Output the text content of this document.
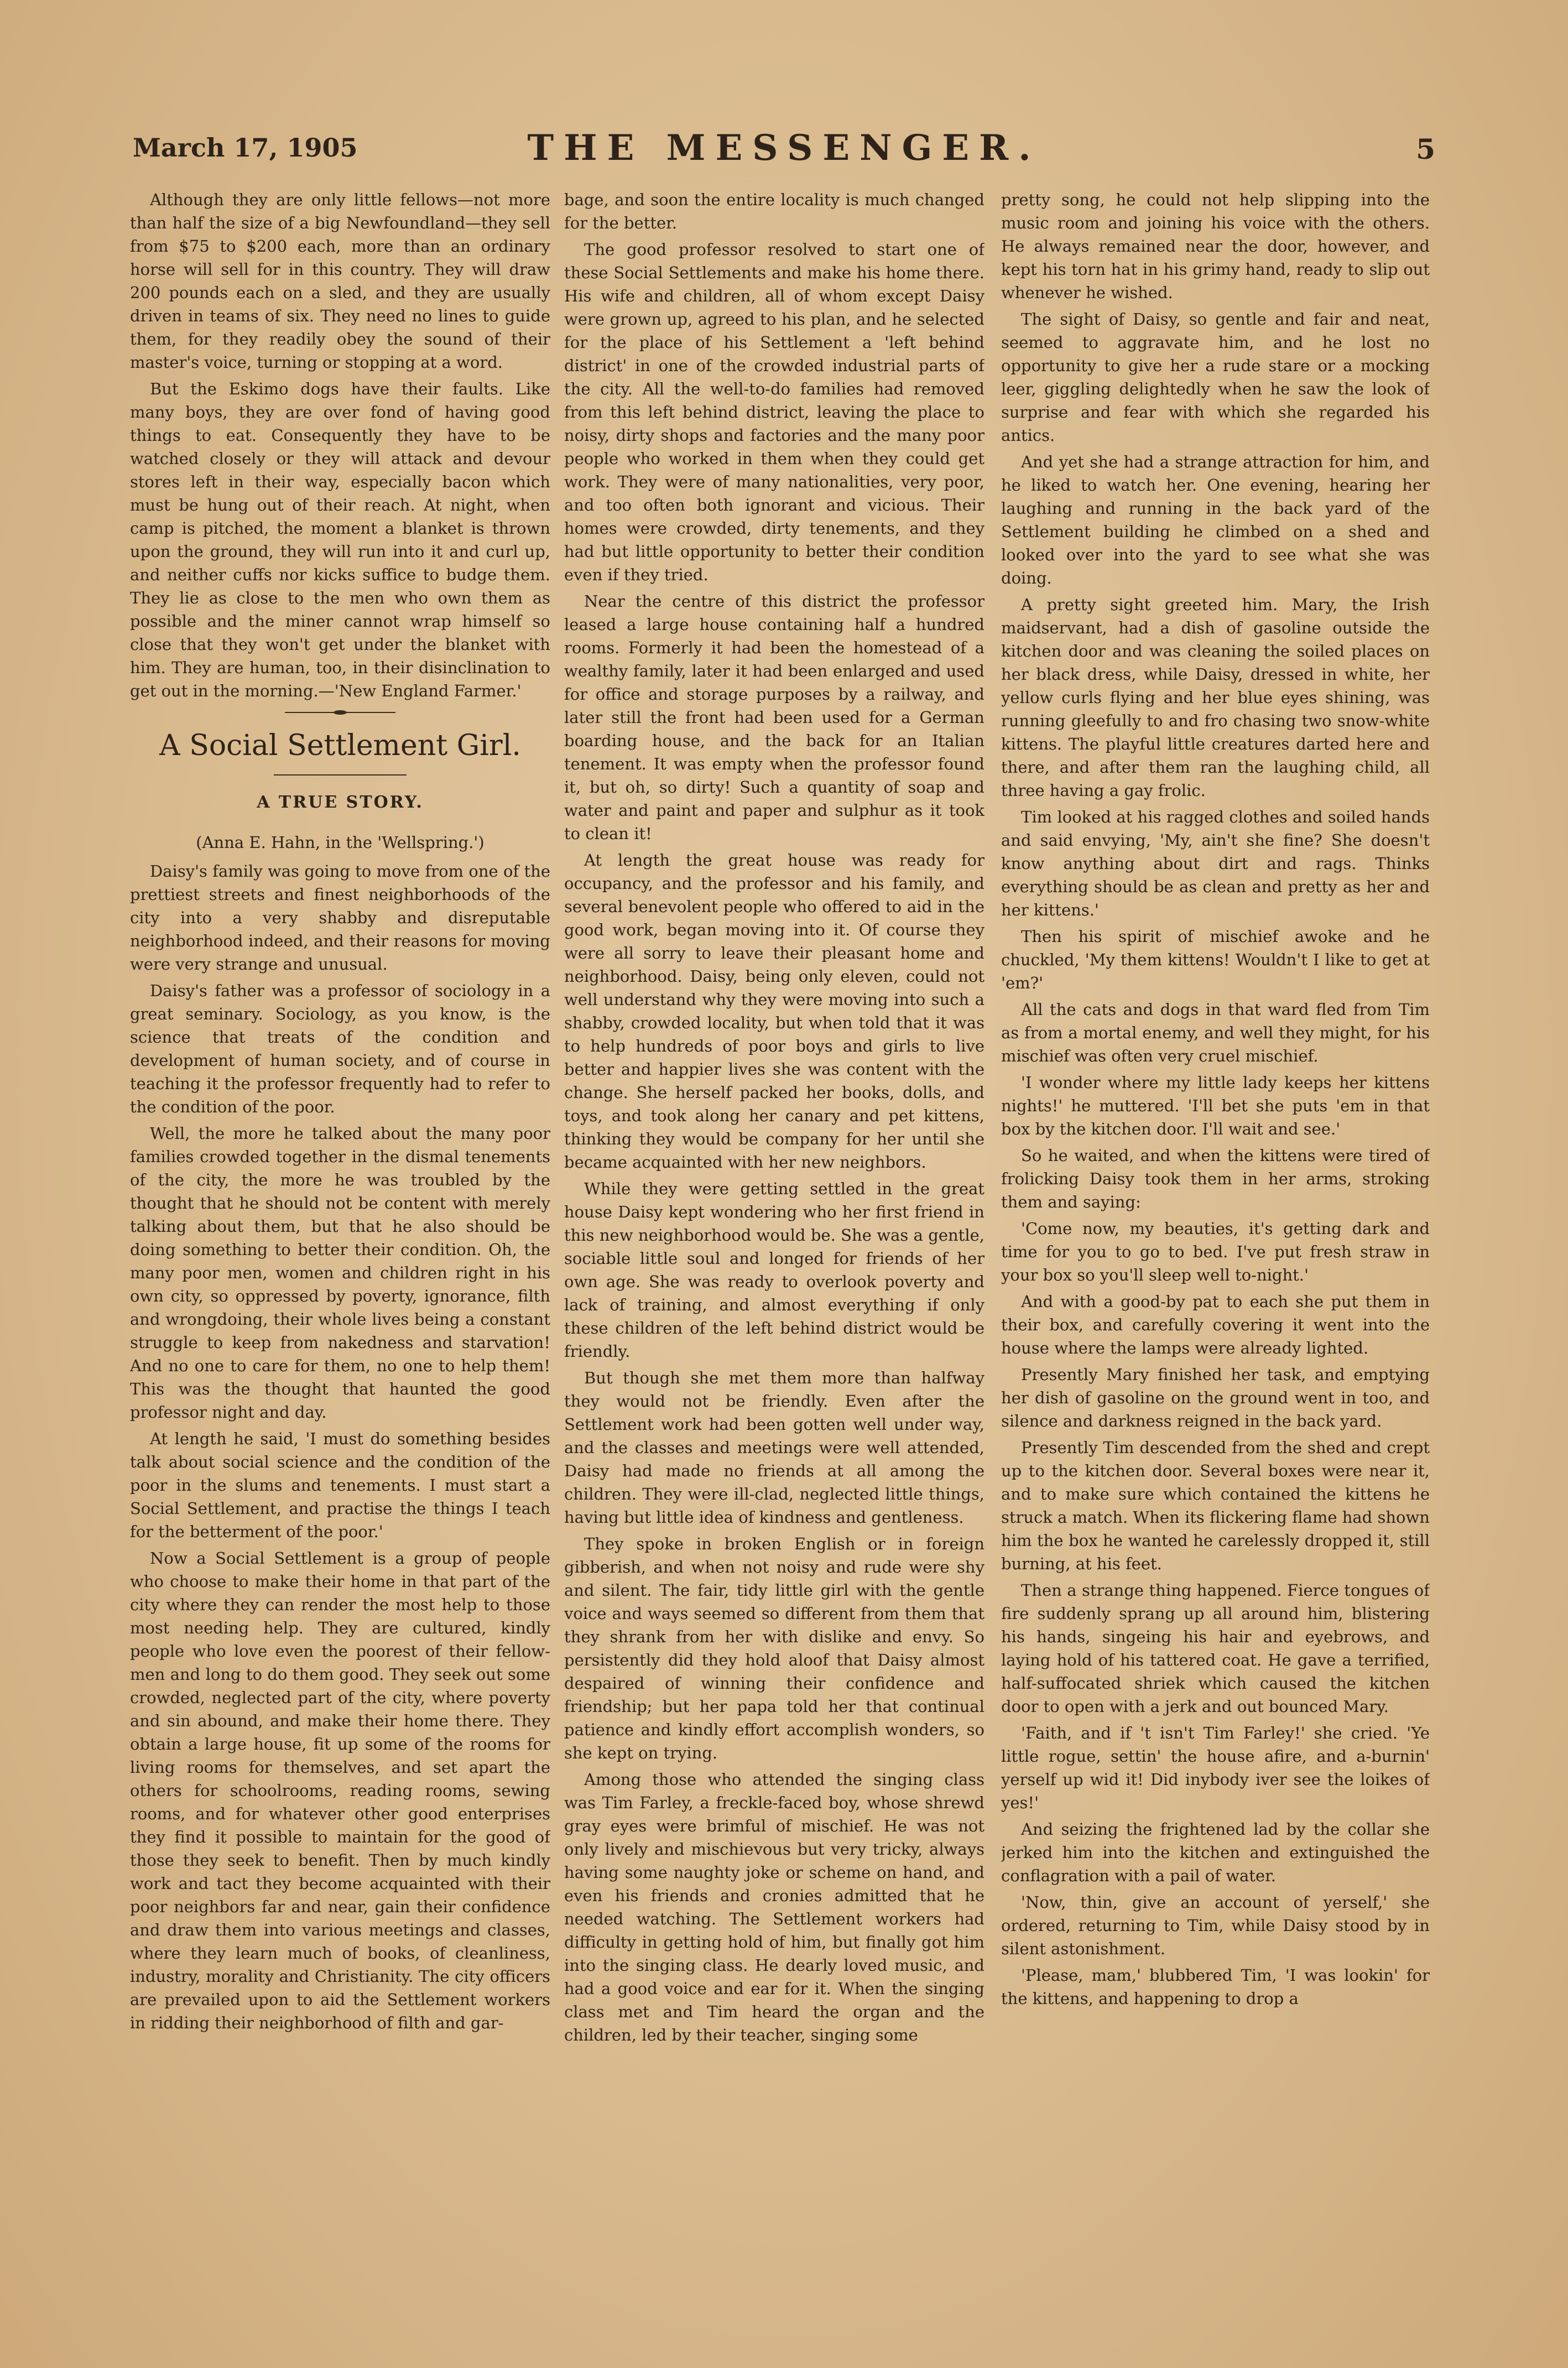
March 17, 1905	THE MESSENGER.	5

Although they are only little fellows—not more than half the size of a big Newfoundland—they sell from $75 to $200 each, more than an ordinary horse will sell for in this country. They will draw 200 pounds each on a sled, and they are usually driven in teams of six. They need no lines to guide them, for they readily obey the sound of their master's voice, turning or stopping at a word.

But the Eskimo dogs have their faults. Like many boys, they are over fond of having good things to eat. Consequently they have to be watched closely or they will attack and devour stores left in their way, especially bacon which must be hung out of their reach. At night, when camp is pitched, the moment a blanket is thrown upon the ground, they will run into it and curl up, and neither cuffs nor kicks suffice to budge them. They lie as close to the men who own them as possible and the miner cannot wrap himself so close that they won't get under the blanket with him. They are human, too, in their disinclination to get out in the morning.—'New England Farmer.'

A Social Settlement Girl.
A TRUE STORY.
(Anna E. Hahn, in the 'Wellspring.')

Daisy's family was going to move from one of the prettiest streets and finest neighborhoods of the city into a very shabby and disreputable neighborhood indeed, and their reasons for moving were very strange and unusual.

Daisy's father was a professor of sociology in a great seminary. Sociology, as you know, is the science that treats of the condition and development of human society, and of course in teaching it the professor frequently had to refer to the condition of the poor.

Well, the more he talked about the many poor families crowded together in the dismal tenements of the city, the more he was troubled by the thought that he should not be content with merely talking about them, but that he also should be doing something to better their condition. Oh, the many poor men, women and children right in his own city, so oppressed by poverty, ignorance, filth and wrongdoing, their whole lives being a constant struggle to keep from nakedness and starvation! And no one to care for them, no one to help them! This was the thought that haunted the good professor night and day.

At length he said, 'I must do something besides talk about social science and the condition of the poor in the slums and tenements. I must start a Social Settlement, and practise the things I teach for the betterment of the poor.'

Now a Social Settlement is a group of people who choose to make their home in that part of the city where they can render the most help to those most needing help. They are cultured, kindly people who love even the poorest of their fellow-men and long to do them good. They seek out some crowded, neglected part of the city, where poverty and sin abound, and make their home there. They obtain a large house, fit up some of the rooms for living rooms for themselves, and set apart the others for schoolrooms, reading rooms, sewing rooms, and for whatever other good enterprises they find it possible to maintain for the good of those they seek to benefit. Then by much kindly work and tact they become acquainted with their poor neighbors far and near, gain their confidence and draw them into various meetings and classes, where they learn much of books, of cleanliness, industry, morality and Christianity. The city officers are prevailed upon to aid the Settlement workers in ridding their neighborhood of filth and gar-

bage, and soon the entire locality is much changed for the better.

The good professor resolved to start one of these Social Settlements and make his home there. His wife and children, all of whom except Daisy were grown up, agreed to his plan, and he selected for the place of his Settlement a 'left behind district' in one of the crowded industrial parts of the city. All the well-to-do families had removed from this left behind district, leaving the place to noisy, dirty shops and factories and the many poor people who worked in them when they could get work. They were of many nationalities, very poor, and too often both ignorant and vicious. Their homes were crowded, dirty tenements, and they had but little opportunity to better their condition even if they tried.

Near the centre of this district the professor leased a large house containing half a hundred rooms. Formerly it had been the homestead of a wealthy family, later it had been enlarged and used for office and storage purposes by a railway, and later still the front had been used for a German boarding house, and the back for an Italian tenement. It was empty when the professor found it, but oh, so dirty! Such a quantity of soap and water and paint and paper and sulphur as it took to clean it!

At length the great house was ready for occupancy, and the professor and his family, and several benevolent people who offered to aid in the good work, began moving into it. Of course they were all sorry to leave their pleasant home and neighborhood. Daisy, being only eleven, could not well understand why they were moving into such a shabby, crowded locality, but when told that it was to help hundreds of poor boys and girls to live better and happier lives she was content with the change. She herself packed her books, dolls, and toys, and took along her canary and pet kittens, thinking they would be company for her until she became acquainted with her new neighbors.

While they were getting settled in the great house Daisy kept wondering who her first friend in this new neighborhood would be. She was a gentle, sociable little soul and longed for friends of her own age. She was ready to overlook poverty and lack of training, and almost everything if only these children of the left behind district would be friendly.

But though she met them more than halfway they would not be friendly. Even after the Settlement work had been gotten well under way, and the classes and meetings were well attended, Daisy had made no friends at all among the children. They were ill-clad, neglected little things, having but little idea of kindness and gentleness.

They spoke in broken English or in foreign gibberish, and when not noisy and rude were shy and silent. The fair, tidy little girl with the gentle voice and ways seemed so different from them that they shrank from her with dislike and envy. So persistently did they hold aloof that Daisy almost despaired of winning their confidence and friendship; but her papa told her that continual patience and kindly effort accomplish wonders, so she kept on trying.

Among those who attended the singing class was Tim Farley, a freckle-faced boy, whose shrewd gray eyes were brimful of mischief. He was not only lively and mischievous but very tricky, always having some naughty joke or scheme on hand, and even his friends and cronies admitted that he needed watching. The Settlement workers had difficulty in getting hold of him, but finally got him into the singing class. He dearly loved music, and had a good voice and ear for it. When the singing class met and Tim heard the organ and the children, led by their teacher, singing some

pretty song, he could not help slipping into the music room and joining his voice with the others. He always remained near the door, however, and kept his torn hat in his grimy hand, ready to slip out whenever he wished.

The sight of Daisy, so gentle and fair and neat, seemed to aggravate him, and he lost no opportunity to give her a rude stare or a mocking leer, giggling delightedly when he saw the look of surprise and fear with which she regarded his antics.

And yet she had a strange attraction for him, and he liked to watch her. One evening, hearing her laughing and running in the back yard of the Settlement building he climbed on a shed and looked over into the yard to see what she was doing.

A pretty sight greeted him. Mary, the Irish maidservant, had a dish of gasoline outside the kitchen door and was cleaning the soiled places on her black dress, while Daisy, dressed in white, her yellow curls flying and her blue eyes shining, was running gleefully to and fro chasing two snow-white kittens. The playful little creatures darted here and there, and after them ran the laughing child, all three having a gay frolic.

Tim looked at his ragged clothes and soiled hands and said envying, 'My, ain't she fine? She doesn't know anything about dirt and rags. Thinks everything should be as clean and pretty as her and her kittens.'

Then his spirit of mischief awoke and he chuckled, 'My them kittens! Wouldn't I like to get at 'em?'

All the cats and dogs in that ward fled from Tim as from a mortal enemy, and well they might, for his mischief was often very cruel mischief.

'I wonder where my little lady keeps her kittens nights!' he muttered. 'I'll bet she puts 'em in that box by the kitchen door. I'll wait and see.'

So he waited, and when the kittens were tired of frolicking Daisy took them in her arms, stroking them and saying:

'Come now, my beauties, it's getting dark and time for you to go to bed. I've put fresh straw in your box so you'll sleep well to-night.'

And with a good-by pat to each she put them in their box, and carefully covering it went into the house where the lamps were already lighted.

Presently Mary finished her task, and emptying her dish of gasoline on the ground went in too, and silence and darkness reigned in the back yard.

Presently Tim descended from the shed and crept up to the kitchen door. Several boxes were near it, and to make sure which contained the kittens he struck a match. When its flickering flame had shown him the box he wanted he carelessly dropped it, still burning, at his feet.

Then a strange thing happened. Fierce tongues of fire suddenly sprang up all around him, blistering his hands, singeing his hair and eyebrows, and laying hold of his tattered coat. He gave a terrified, half-suffocated shriek which caused the kitchen door to open with a jerk and out bounced Mary.

'Faith, and if 't isn't Tim Farley!' she cried. 'Ye little rogue, settin' the house afire, and a-burnin' yerself up wid it! Did inybody iver see the loikes of yes!'

And seizing the frightened lad by the collar she jerked him into the kitchen and extinguished the conflagration with a pail of water.

'Now, thin, give an account of yerself,' she ordered, returning to Tim, while Daisy stood by in silent astonishment.

'Please, mam,' blubbered Tim, 'I was lookin' for the kittens, and happening to drop a
